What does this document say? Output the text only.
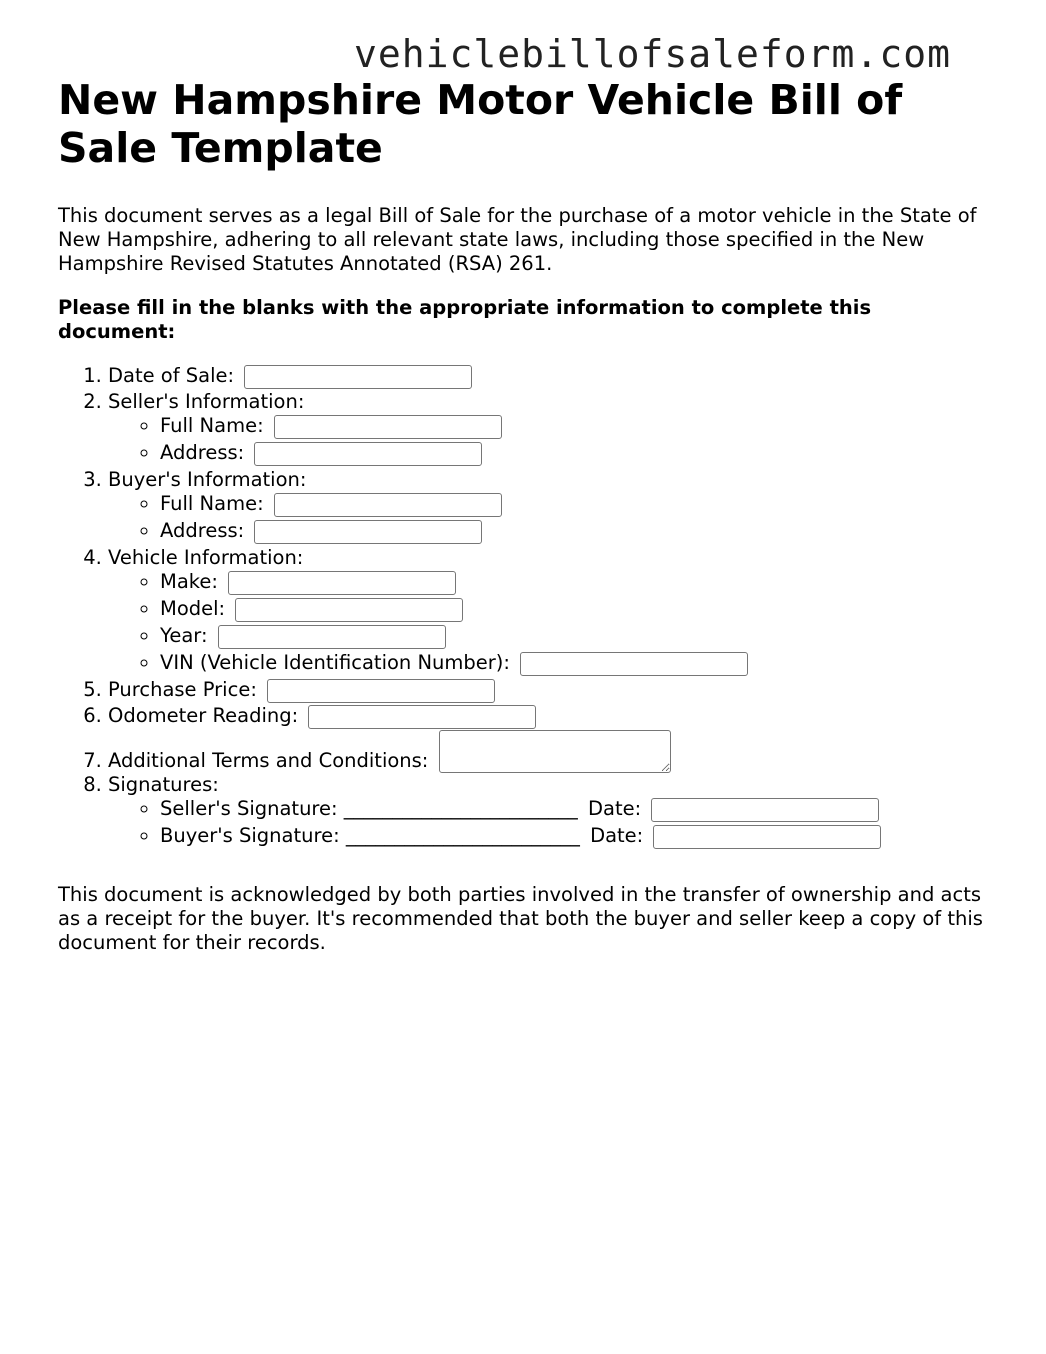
vehiclebillofsaleform.com
New Hampshire Motor Vehicle Bill of Sale Template

This document serves as a legal Bill of Sale for the purchase of a motor vehicle in the State of New Hampshire, adhering to all relevant state laws, including those specified in the New Hampshire Revised Statutes Annotated (RSA) 261.

Please fill in the blanks with the appropriate information to complete this document:

1. Date of Sale:
2. Seller's Information:
◦ Full Name:
◦ Address:
3. Buyer's Information:
◦ Full Name:
◦ Address:
4. Vehicle Information:
◦ Make:
◦ Model:
◦ Year:
◦ VIN (Vehicle Identification Number):
5. Purchase Price:
6. Odometer Reading:
7. Additional Terms and Conditions:
8. Signatures:
◦ Seller's Signature: ________________________ Date:
◦ Buyer's Signature: ________________________ Date:

This document is acknowledged by both parties involved in the transfer of ownership and acts as a receipt for the buyer. It's recommended that both the buyer and seller keep a copy of this document for their records.
